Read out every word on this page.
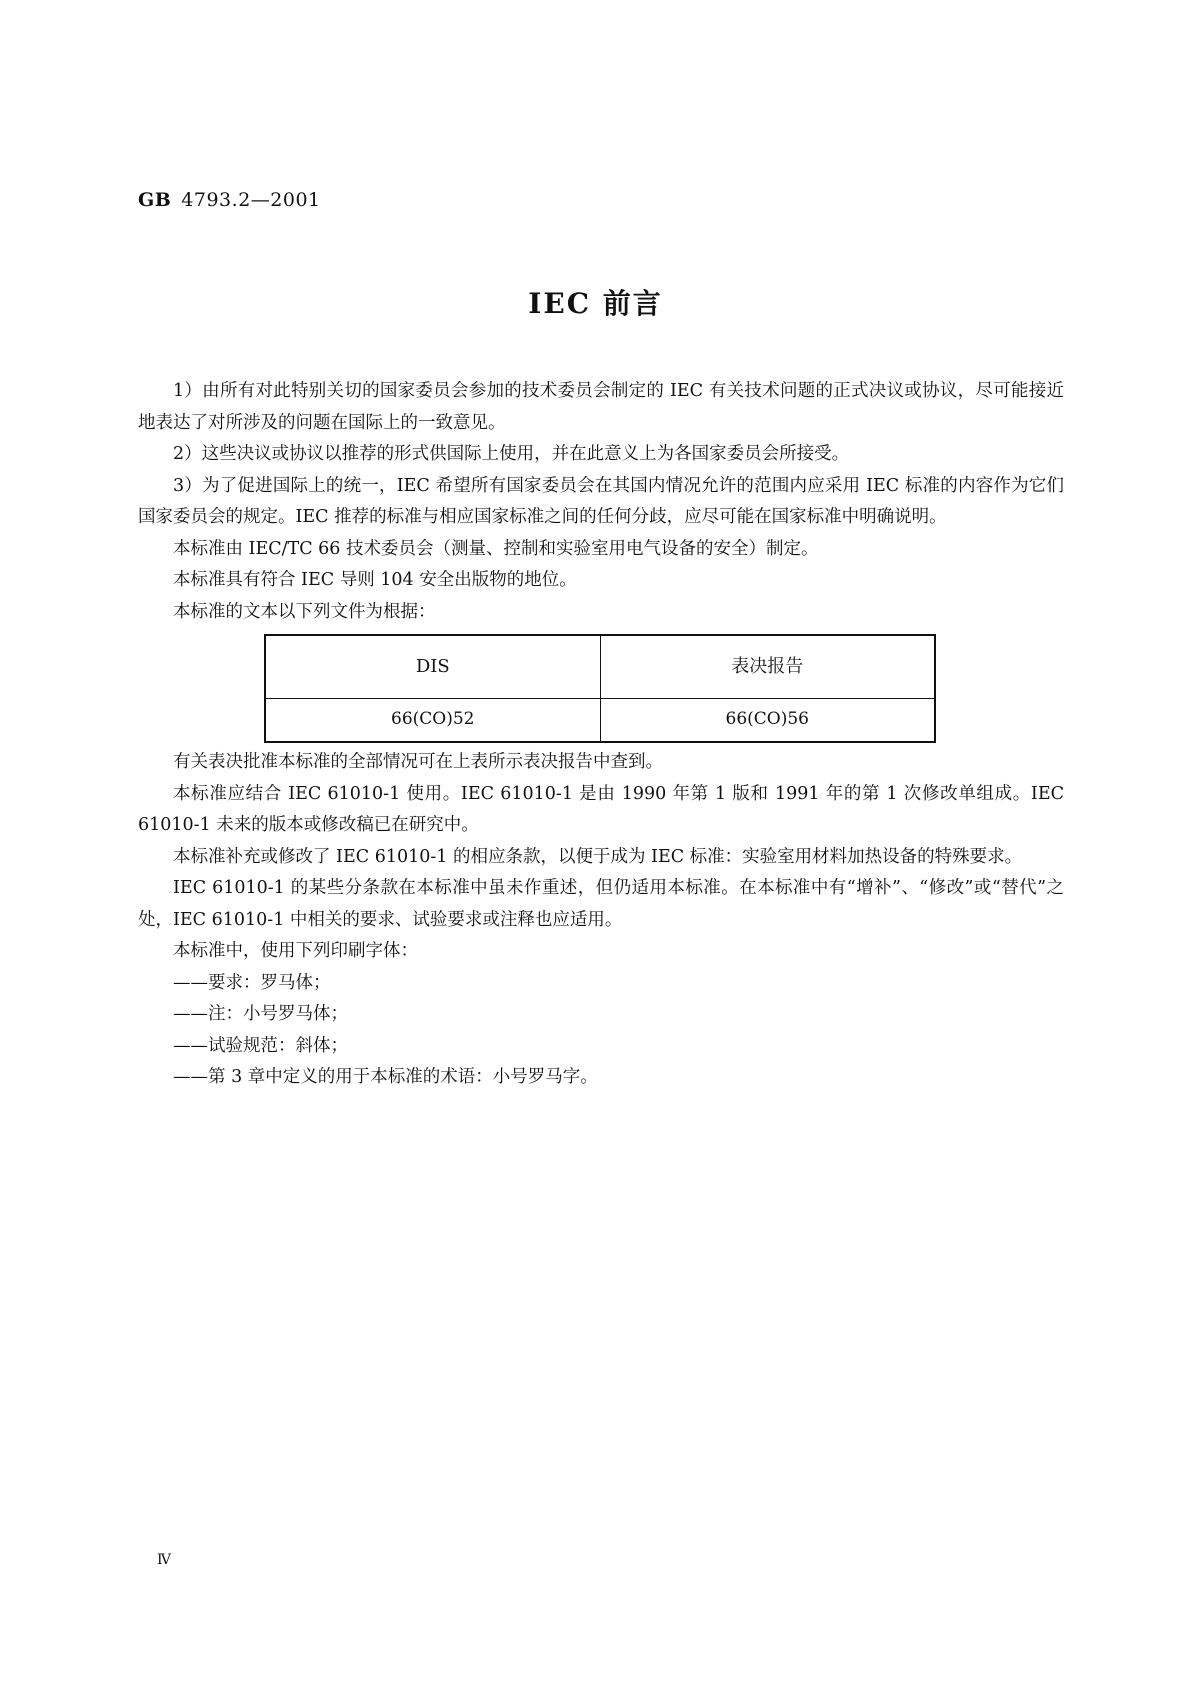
GB 4793.2—2001
IEC 前言

1）由所有对此特别关切的国家委员会参加的技术委员会制定的 IEC 有关技术问题的正式决议或协议，尽可能接近地表达了对所涉及的问题在国际上的一致意见。

2）这些决议或协议以推荐的形式供国际上使用，并在此意义上为各国家委员会所接受。

3）为了促进国际上的统一，IEC 希望所有国家委员会在其国内情况允许的范围内应采用 IEC 标准的内容作为它们国家委员会的规定。IEC 推荐的标准与相应国家标准之间的任何分歧，应尽可能在国家标准中明确说明。

本标准由 IEC/TC 66 技术委员会（测量、控制和实验室用电气设备的安全）制定。

本标准具有符合 IEC 导则 104 安全出版物的地位。

本标准的文本以下列文件为根据：

DIS	表决报告
66(CO)52	66(CO)56

有关表决批准本标准的全部情况可在上表所示表决报告中查到。

本标准应结合 IEC 61010-1 使用。IEC 61010-1 是由 1990 年第 1 版和 1991 年的第 1 次修改单组成。IEC 61010-1 未来的版本或修改稿已在研究中。

本标准补充或修改了 IEC 61010-1 的相应条款，以便于成为 IEC 标准：实验室用材料加热设备的特殊要求。

IEC 61010-1 的某些分条款在本标准中虽未作重述，但仍适用本标准。在本标准中有“增补”、“修改”或“替代”之处，IEC 61010-1 中相关的要求、试验要求或注释也应适用。

本标准中，使用下列印刷字体：

——要求：罗马体；

——注：小号罗马体；

——试验规范：斜体；

——第 3 章中定义的用于本标准的术语：小号罗马字。

Ⅳ
